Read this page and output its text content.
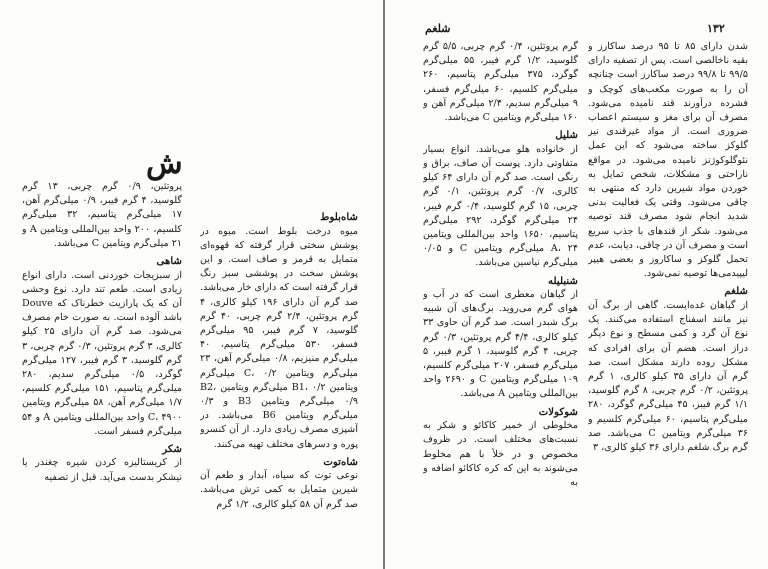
ش
شاه‌بلوط

میوه درخت بلوط است. میوه در پوشش سختی قرار گرفته که قهوه‌ای متمایل به قرمز و صاف است. و این پوشش سخت در پوششی سبز رنگ قرار گرفته است که دارای خار می‌باشد. صد گرم آن دارای ۱۹۶ کیلو کالری، ۴ گرم پروتئین، ۲/۴ گرم چربی، ۴۰ گرم گلوسید، ۷ گرم فیبر، ۹۵ میلی‌گرم فسفر، ۵۳۰ میلی‌گرم پتاسیم، ۴۰ میلی‌گرم منیزیم، ۰/۸ میلی‌گرم آهن، ۲۳ میلی‌گرم ویتامین C، ۰/۲ میلی‌گرم ویتامین B1، ۰/۲ میلی‌گرم ویتامین B2، ۰/۹ میلی‌گرم ویتامین B3 و ۰/۳ میلی‌گرم ویتامین B6 می‌باشد. در آشپزی مصرف زیادی دارد. از آن کنسرو پوره و دسرهای مختلف تهیه می‌کنند.

شاه‌توت

نوعی توت که سیاه، آبدار و طعم آن شیرین متمایل به کمی ترش می‌باشد. صد گرم آن ۵۸ کیلو کالری، ۱/۲ گرم

پروتئین، ۰/۹ گرم چربی، ۱۳ گرم گلوسید، ۴ گرم فیبر، ۰/۹ میلی‌گرم آهن، ۱۷ میلی‌گرم پتاسیم، ۳۲ میلی‌گرم کلسیم، ۲۰۰ واحد بین‌المللی ویتامین A و ۲۱ میلی‌گرم ویتامین C می‌باشد.

شاهی

از سبزیجات خوردنی است. دارای انواع زیادی است. طعم تند دارد. نوع وحشی آن که یک پارازیت خطرناک که Douve باشد آلوده است. به صورت خام مصرف می‌شود. صد گرم آن دارای ۲۵ کیلو کالری، ۳ گرم پروتئین، ۰/۳ گرم چربی، ۳ گرم گلوسید، ۳ گرم فیبر، ۱۲۷ میلی‌گرم گوگرد، ۰/۵ میلی‌گرم سدیم، ۲۸۰ میلی‌گرم پتاسیم، ۱۵۱ میلی‌گرم کلسیم، ۱/۷ میلی‌گرم آهن، ۵۸ میلی‌گرم ویتامین C، ۴۹۰۰ واحد بین‌المللی ویتامین A و ۵۴ میلی‌گرم فسفر است.

شکر

از کریستالیزه کردن شیره چغندر یا نیشکر بدست می‌آید. قبل از تصفیه

شلغم	۱۳۲

شدن دارای ۸۵ تا ۹۵ درصد ساکارز و بقیه ناخالصی است. پس از تصفیه دارای ۹۹/۵ تا ۹۹/۸ درصد ساکارز است چنانچه آن را به صورت مکعب‌های کوچک و فشرده درآورند قند نامیده می‌شود. مصرف آن برای مغز و سیستم اعصاب ضروری است. از مواد غیرقندی نیز گلوکز ساخته می‌شود که این عمل نئوگلوکوژنز نامیده می‌شود. در مواقع ناراحتی و مشکلات، شخص تمایل به خوردن مواد شیرین دارد که منتهی به چاقی می‌شود. وقتی یک فعالیت بدنی شدید انجام شود مصرف قند توصیه می‌شود. شکر از قندهای با جذب سریع است و مصرف آن در چاقی، دیابت، عدم تحمل گلوکز و ساکاروز و بعضی هیپر لیپیدمی‌ها توصیه نمی‌شود.

شلغم

از گیاهان غده‌ایست. گاهی از برگ آن نیز مانند اسفناج استفاده می‌کنند. یک نوع آن گرد و کمی مسطح و نوع دیگر دراز است. هضم آن برای افرادی که مشکل روده دارند مشکل است. صد گرم آن دارای ۳۵ کیلو کالری، ۱ گرم پروتئین، ۰/۲ گرم چربی، ۸ گرم گلوسید، ۱/۱ گرم فیبر، ۴۵ میلی‌گرم گوگرد، ۲۸۰ میلی‌گرم پتاسیم، ۶۰ میلی‌گرم کلسیم و ۳۶ میلی‌گرم ویتامین C می‌باشد. صد گرم برگ شلغم دارای ۳۶ کیلو کالری، ۳

گرم پروتئین، ۰/۴ گرم چربی، ۵/۵ گرم گلوسید، ۱/۲ گرم فیبر، ۵۵ میلی‌گرم گوگرد، ۳۷۵ میلی‌گرم پتاسیم، ۲۶۰ میلی‌گرم کلسیم، ۶۰ میلی‌گرم فسفر، ۹ میلی‌گرم سدیم، ۲/۴ میلی‌گرم آهن و ۱۶۰ میلی‌گرم ویتامین C می‌باشد.

شلیل

از خانواده هلو می‌باشد. انواع بسیار متفاوتی دارد. پوست آن صاف، براق و رنگی است. صد گرم آن دارای ۶۴ کیلو کالری، ۰/۷ گرم پروتئین، ۰/۱ گرم چربی، ۱۵ گرم گلوسید، ۰/۴ گرم فیبر، ۲۴ میلی‌گرم گوگرد، ۲۹۲ میلی‌گرم پتاسیم، ۱۶۵۰ واحد بین‌المللی ویتامین A، ۲۴ میلی‌گرم ویتامین C و ۰/۰۵ میلی‌گرم نیاسین می‌باشد.

شنبلیله

از گیاهان معطری است که در آب و هوای گرم می‌روید. برگ‌های آن شبیه برگ شبدر است. صد گرم آن حاوی ۳۳ کیلو کالری، ۴/۴ گرم پروتئین، ۰/۳ گرم چربی، ۴ گرم گلوسید، ۱ گرم فیبر، ۵ میلی‌گرم فسفر، ۲۰۷ میلی‌گرم کلسیم، ۱۰۹ میلی‌گرم ویتامین C و ۲۶۹۰ واحد بین‌المللی ویتامین A می‌باشد.

شوکولات

مخلوطی از خمیر کاکائو و شکر به نسبت‌های مختلف است. در ظروف مخصوص و در خلأ با هم مخلوط می‌شوند به این که کره کاکائو اضافه و به
